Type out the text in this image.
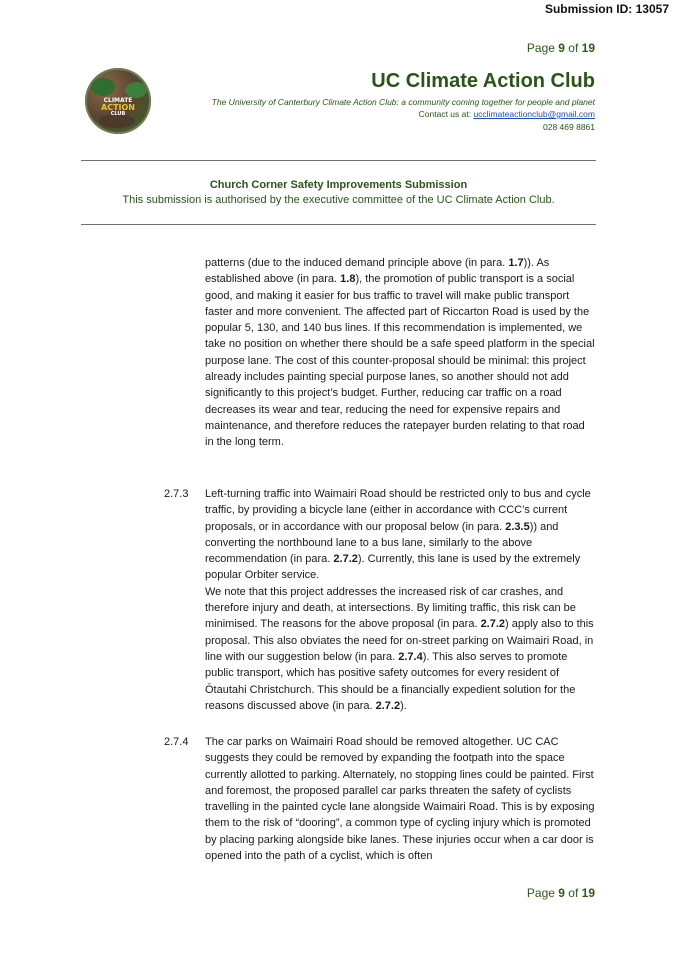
Submission ID: 13057
Page 9 of 19
CLIMATE
ACTION
CLUB
UC Climate Action Club
The University of Canterbury Climate Action Club: a community coming together for people and planet
Contact us at: ucclimateactionclub@gmail.com
028 469 8861
Church Corner Safety Improvements Submission
This submission is authorised by the executive committee of the UC Climate Action Club.
patterns (due to the induced demand principle above (in para. 1.7)). As established above (in para. 1.8), the promotion of public transport is a social good, and making it easier for bus traffic to travel will make public transport faster and more convenient. The affected part of Riccarton Road is used by the popular 5, 130, and 140 bus lines. If this recommendation is implemented, we take no position on whether there should be a safe speed platform in the special purpose lane. The cost of this counter-proposal should be minimal: this project already includes painting special purpose lanes, so another should not add significantly to this project’s budget. Further, reducing car traffic on a road decreases its wear and tear, reducing the need for expensive repairs and maintenance, and therefore reduces the ratepayer burden relating to that road in the long term.
2.7.3 Left-turning traffic into Waimairi Road should be restricted only to bus and cycle traffic, by providing a bicycle lane (either in accordance with CCC’s current proposals, or in accordance with our proposal below (in para. 2.3.5)) and converting the northbound lane to a bus lane, similarly to the above recommendation (in para. 2.7.2). Currently, this lane is used by the extremely popular Orbiter service.
We note that this project addresses the increased risk of car crashes, and therefore injury and death, at intersections. By limiting traffic, this risk can be minimised. The reasons for the above proposal (in para. 2.7.2) apply also to this proposal. This also obviates the need for on-street parking on Waimairi Road, in line with our suggestion below (in para. 2.7.4). This also serves to promote public transport, which has positive safety outcomes for every resident of Ōtautahi Christchurch. This should be a financially expedient solution for the reasons discussed above (in para. 2.7.2).
2.7.4 The car parks on Waimairi Road should be removed altogether. UC CAC suggests they could be removed by expanding the footpath into the space currently allotted to parking. Alternately, no stopping lines could be painted. First and foremost, the proposed parallel car parks threaten the safety of cyclists travelling in the painted cycle lane alongside Waimairi Road. This is by exposing them to the risk of “dooring”, a common type of cycling injury which is promoted by placing parking alongside bike lanes. These injuries occur when a car door is opened into the path of a cyclist, which is often
Page 9 of 19
